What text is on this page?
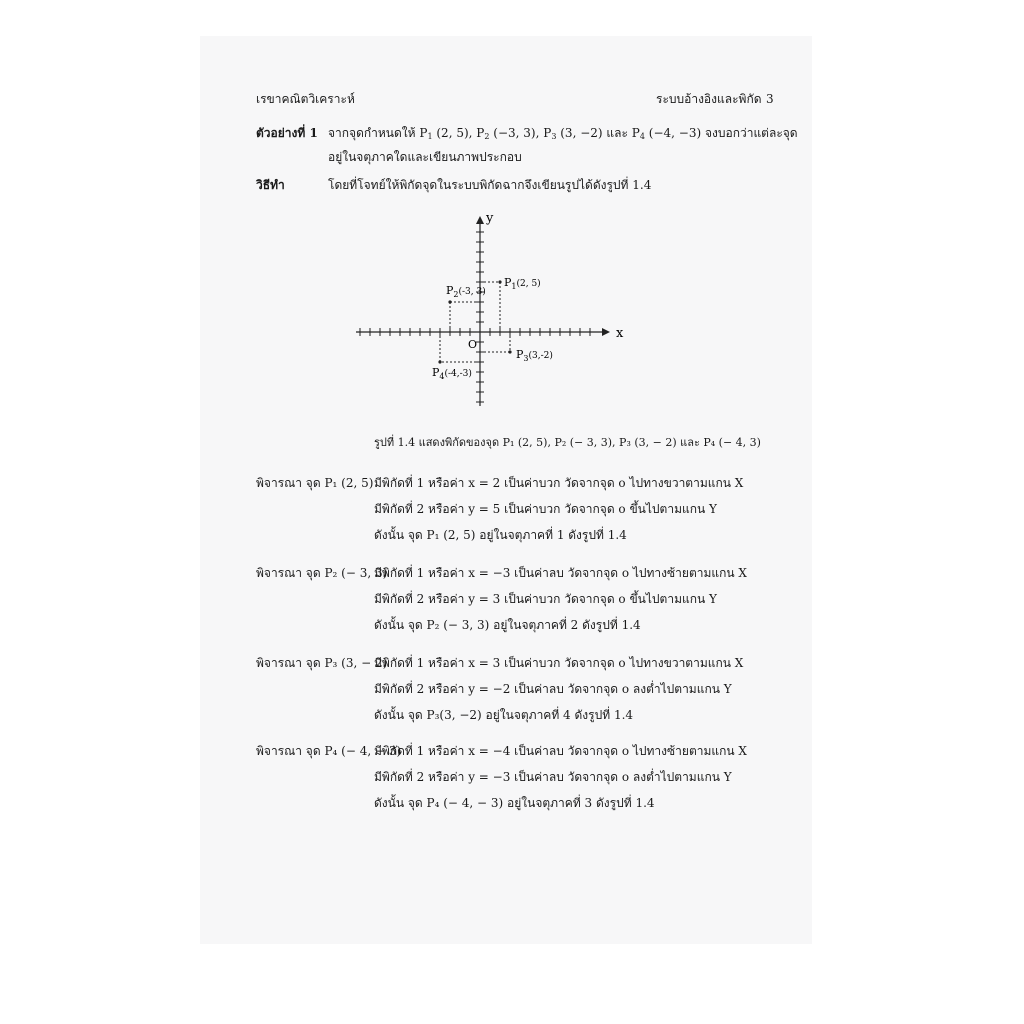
เรขาคณิตวิเคราะห์	ระบบอ้างอิงและพิกัด 3
ตัวอย่างที่ 1 จากจุดกำหนดให้ $P_1$ (2, 5), $P_2$ (−3, 3), $P_3$ (3, −2) และ $P_4$ (−4, −3) จงบอกว่าแต่ละจุด
อยู่ในจตุภาคใดและเขียนภาพประกอบ
วิธีทำ	โดยที่โจทย์ให้พิกัดจุดในระบบพิกัดฉากจึงเขียนรูปได้ดังรูปที่ 1.4
x
y
O
$P_1^{(2, 5)}$
$P_2^{(-3, 3)}$
$P_3^{(3,-2)}$
$P_4^{(-4,-3)}$
รูปที่ 1.4 แสดงพิกัดของจุด P₁ (2, 5), P₂ (− 3, 3), P₃ (3, − 2) และ P₄ (− 4, 3)
พิจารณา จุด P₁ (2, 5) มีพิกัดที่ 1 หรือค่า x = 2 เป็นค่าบวก วัดจากจุด o ไปทางขวาตามแกน X
มีพิกัดที่ 2 หรือค่า y = 5 เป็นค่าบวก วัดจากจุด o ขึ้นไปตามแกน Y
ดังนั้น จุด P₁ (2, 5) อยู่ในจตุภาคที่ 1 ดังรูปที่ 1.4
พิจารณา จุด P₂ (− 3, 3)
มีพิกัดที่ 1 หรือค่า x = −3 เป็นค่าลบ วัดจากจุด o ไปทางซ้ายตามแกน X
มีพิกัดที่ 2 หรือค่า y = 3 เป็นค่าบวก วัดจากจุด o ขึ้นไปตามแกน Y
ดังนั้น จุด P₂ (− 3, 3) อยู่ในจตุภาคที่ 2 ดังรูปที่ 1.4
พิจารณา จุด P₃ (3, − 2)
มีพิกัดที่ 1 หรือค่า x = 3 เป็นค่าบวก วัดจากจุด o ไปทางขวาตามแกน X
มีพิกัดที่ 2 หรือค่า y = −2 เป็นค่าลบ วัดจากจุด o ลงต่ำไปตามแกน Y
ดังนั้น จุด P₃(3, −2) อยู่ในจตุภาคที่ 4 ดังรูปที่ 1.4
พิจารณา จุด P₄ (− 4, − 3)
มีพิกัดที่ 1 หรือค่า x = −4 เป็นค่าลบ วัดจากจุด o ไปทางซ้ายตามแกน X
มีพิกัดที่ 2 หรือค่า y = −3 เป็นค่าลบ วัดจากจุด o ลงต่ำไปตามแกน Y
ดังนั้น จุด P₄ (− 4, − 3) อยู่ในจตุภาคที่ 3 ดังรูปที่ 1.4
